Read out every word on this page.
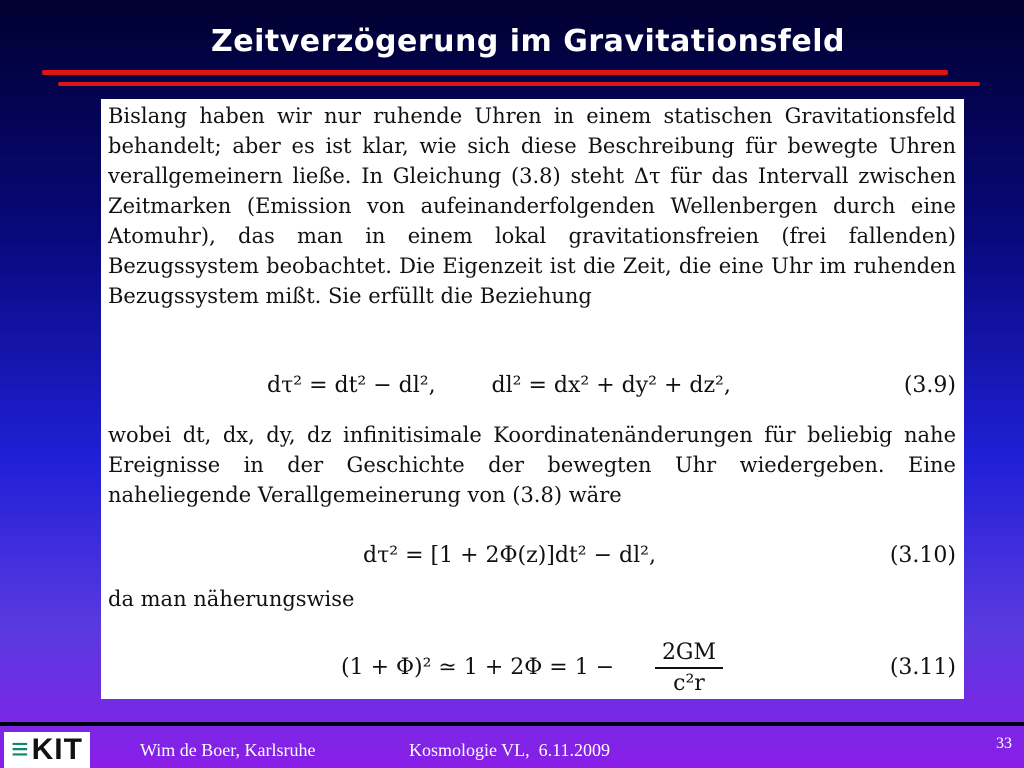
Zeitverzögerung im Gravitationsfeld

Bislang haben wir nur ruhende Uhren in einem statischen Gravitationsfeld behandelt; aber es ist klar, wie sich diese Beschreibung für bewegte Uhren verallgemeinern ließe. In Gleichung (3.8) steht Δτ für das Intervall zwischen Zeitmarken (Emission von aufeinanderfolgenden Wellenbergen durch eine Atomuhr), das man in einem lokal gravitationsfreien (frei fallenden) Bezugssystem beobachtet. Die Eigenzeit ist die Zeit, die eine Uhr im ruhenden Bezugssystem mißt. Sie erfüllt die Beziehung

dτ² = dt² − dl²,        dl² = dx² + dy² + dz²,	(3.9)

wobei dt, dx, dy, dz infinitisimale Koordinatenänderungen für beliebig nahe Ereignisse in der Geschichte der bewegten Uhr wiedergeben. Eine naheliegende Verallgemeinerung von (3.8) wäre

dτ² = [1 + 2Φ(z)]dt² − dl²,	(3.10)

da man näherungswise

(1 + Φ)² ≃ 1 + 2Φ = 1 −
2GM
c²r
(3.11)
≡ KIT	Wim de Boer, Karlsruhe	Kosmologie VL,  6.11.2009	33
